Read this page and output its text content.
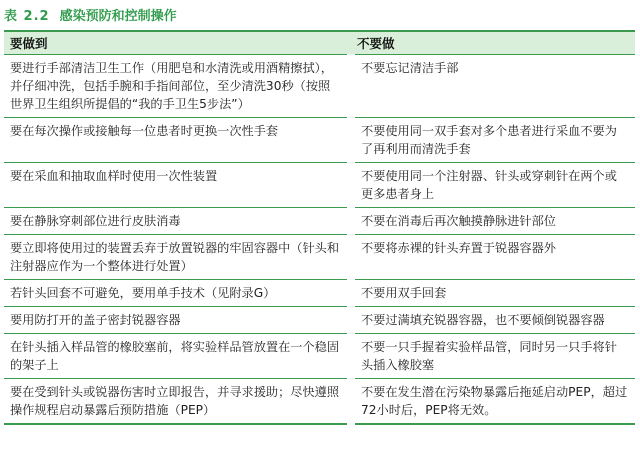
表 2.2 感染预防和控制操作
要做到	不要做
要进行手部清洁卫生工作（用肥皂和水清洗或用酒精擦拭），并仔细冲洗，包括手腕和手指间部位，至少清洗30秒（按照世界卫生组织所提倡的“我的手卫生5步法”）	不要忘记清洁手部
要在每次操作或接触每一位患者时更换一次性手套	不要使用同一双手套对多个患者进行采血不要为了再利用而清洗手套
要在采血和抽取血样时使用一次性装置	不要使用同一个注射器、针头或穿刺针在两个或更多患者身上
要在静脉穿刺部位进行皮肤消毒	不要在消毒后再次触摸静脉进针部位
要立即将使用过的装置丢弃于放置锐器的牢固容器中（针头和注射器应作为一个整体进行处置）	不要将赤裸的针头弃置于锐器容器外
若针头回套不可避免，要用单手技术（见附录G）	不要用双手回套
要用防打开的盖子密封锐器容器	不要过满填充锐器容器，也不要倾倒锐器容器
在针头插入样品管的橡胶塞前，将实验样品管放置在一个稳固的架子上	不要一只手握着实验样品管，同时另一只手将针头插入橡胶塞
要在受到针头或锐器伤害时立即报告，并寻求援助；尽快遵照操作规程启动暴露后预防措施（PEP）	不要在发生潜在污染物暴露后拖延启动PEP，超过72小时后，PEP将无效。
